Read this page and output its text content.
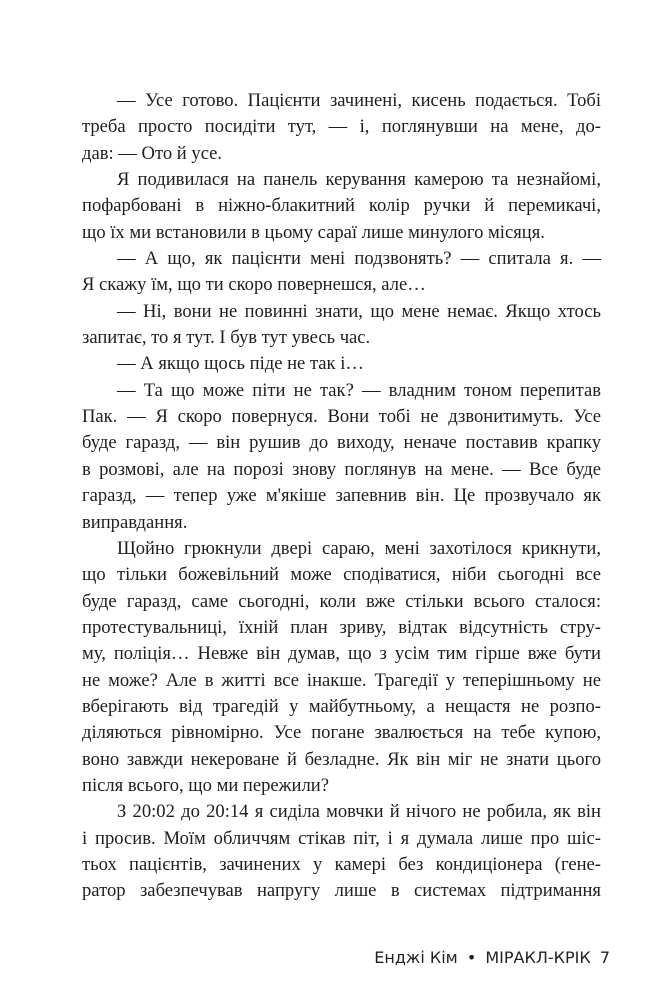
— Усе готово. Пацієнти зачинені, кисень подається. Тобі
треба просто посидіти тут, — і, поглянувши на мене, до-
дав: — Ото й усе.
Я подивилася на панель керування камерою та незнайомі,
пофарбовані в ніжно-блакитний колір ручки й перемикачі,
що їх ми встановили в цьому сараї лише минулого місяця.
— А що, як пацієнти мені подзвонять? — спитала я. —
Я скажу їм, що ти скоро повернешся, але…
— Ні, вони не повинні знати, що мене немає. Якщо хтось
запитає, то я тут. І був тут увесь час.
— А якщо щось піде не так і…
— Та що може піти не так? — владним тоном перепитав
Пак. — Я скоро повернуся. Вони тобі не дзвонитимуть. Усе
буде гаразд, — він рушив до виходу, неначе поставив крапку
в розмові, але на порозі знову поглянув на мене. — Все буде
гаразд, — тепер уже м'якіше запевнив він. Це прозвучало як
виправдання.
Щойно грюкнули двері сараю, мені захотілося крикнути,
що тільки божевільний може сподіватися, ніби сьогодні все
буде гаразд, саме сьогодні, коли вже стільки всього сталося:
протестувальниці, їхній план зриву, відтак відсутність стру-
му, поліція… Невже він думав, що з усім тим гірше вже бути
не може? Але в житті все інакше. Трагедії у теперішньому не
вберігають від трагедій у майбутньому, а нещастя не розпо-
діляються рівномірно. Усе погане звалюється на тебе купою,
воно завжди некероване й безладне. Як він міг не знати цього
після всього, що ми пережили?
З 20:02 до 20:14 я сиділа мовчки й нічого не робила, як він
і просив. Моїм обличчям стікав піт, і я думала лише про шіс-
тьох пацієнтів, зачинених у камері без кондиціонера (гене-
ратор забезпечував напругу лише в системах підтримання
Енджі Кім • МІРАКЛ-КРІК 7
